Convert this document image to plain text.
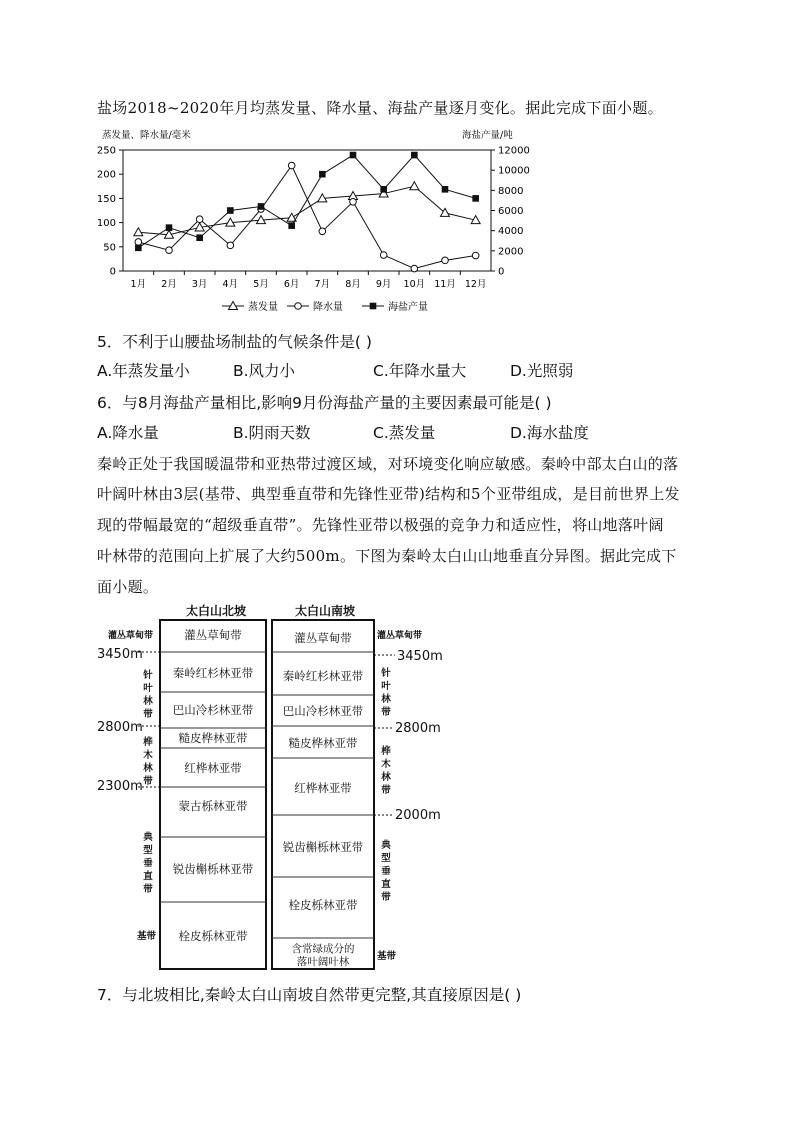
盐场2018~2020年月均蒸发量、降水量、海盐产量逐月变化。据此完成下面小题。
蒸发量、降水量/毫米	海盐产量/吨
0
50
100
150
200
250
0
2000
4000
6000
8000
10000
12000
1月 2月 3月 4月 5月 6月 7月 8月 9月 10月 11月 12月
蒸发量	降水量	海盐产量
5．不利于山腰盐场制盐的气候条件是( )
A.年蒸发量小	B.风力小	C.年降水量大	D.光照弱
6．与8月海盐产量相比,影响9月份海盐产量的主要因素最可能是( )
A.降水量	B.阴雨天数	C.蒸发量	D.海水盐度
秦岭正处于我国暖温带和亚热带过渡区域，对环境变化响应敏感。秦岭中部太白山的落
叶阔叶林由3层(基带、典型垂直带和先锋性亚带)结构和5个亚带组成，是目前世界上发
现的带幅最宽的“超级垂直带”。先锋性亚带以极强的竞争力和适应性，将山地落叶阔
叶林带的范围向上扩展了大约500m。下图为秦岭太白山山地垂直分异图。据此完成下
面小题。
太白山北坡	太白山南坡
灌丛草甸带
秦岭红杉林亚带
巴山冷杉林亚带
糙皮桦林亚带
红桦林亚带
蒙古栎林亚带
锐齿槲栎林亚带
栓皮栎林亚带
灌丛草甸带
秦岭红杉林亚带
巴山冷杉林亚带
糙皮桦林亚带
红桦林亚带
锐齿槲栎林亚带
栓皮栎林亚带
含常绿成分的
落叶阔叶林
灌丛草甸带
3450m
针
叶
林
带
2800m
桦
木
林
带
2300m
典
型
垂
直
带
基带
灌丛草甸带
3450m
针
叶
林
带
2800m
桦
木
林
带
2000m
典
型
垂
直
带
基带
7．与北坡相比,秦岭太白山南坡自然带更完整,其直接原因是( )
